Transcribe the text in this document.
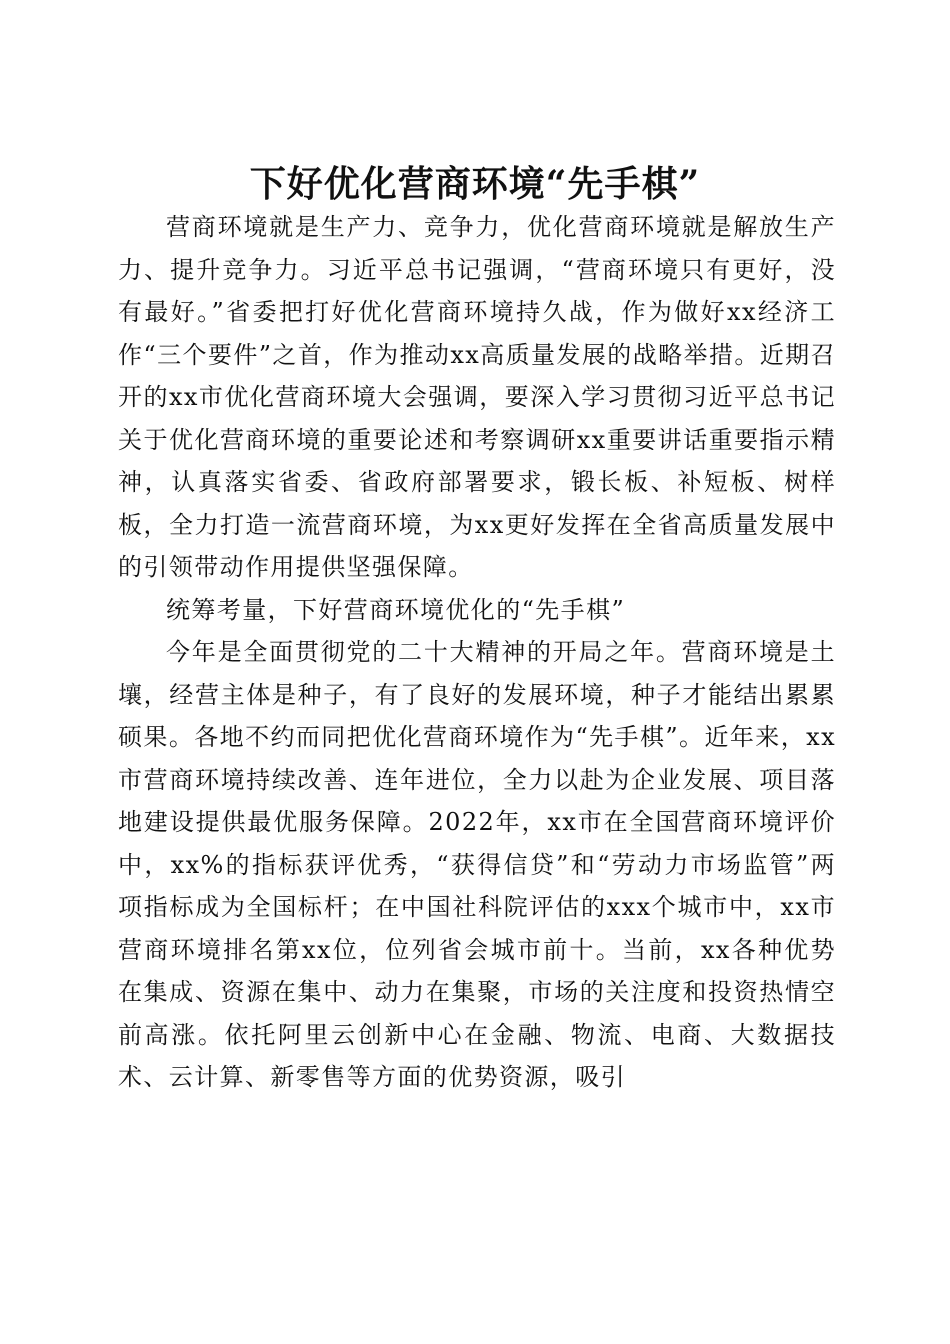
下好优化营商环境“先手棋”

营商环境就是生产力、竞争力，优化营商环境就是解放生产力、提升竞争力。习近平总书记强调，“营商环境只有更好，没有最好。”省委把打好优化营商环境持久战，作为做好xx经济工作“三个要件”之首，作为推动xx高质量发展的战略举措。近期召开的xx市优化营商环境大会强调，要深入学习贯彻习近平总书记关于优化营商环境的重要论述和考察调研xx重要讲话重要指示精神，认真落实省委、省政府部署要求，锻长板、补短板、树样板，全力打造一流营商环境，为xx更好发挥在全省高质量发展中的引领带动作用提供坚强保障。

统筹考量，下好营商环境优化的“先手棋”

今年是全面贯彻党的二十大精神的开局之年。营商环境是土壤，经营主体是种子，有了良好的发展环境，种子才能结出累累硕果。各地不约而同把优化营商环境作为“先手棋”。近年来，xx市营商环境持续改善、连年进位，全力以赴为企业发展、项目落地建设提供最优服务保障。2022年，xx市在全国营商环境评价中，xx%的指标获评优秀，“获得信贷”和“劳动力市场监管”两项指标成为全国标杆；在中国社科院评估的xxx个城市中，xx市营商环境排名第xx位，位列省会城市前十。当前，xx各种优势在集成、资源在集中、动力在集聚，市场的关注度和投资热情空前高涨。依托阿里云创新中心在金融、物流、电商、大数据技术、云计算、新零售等方面的优势资源，吸引
